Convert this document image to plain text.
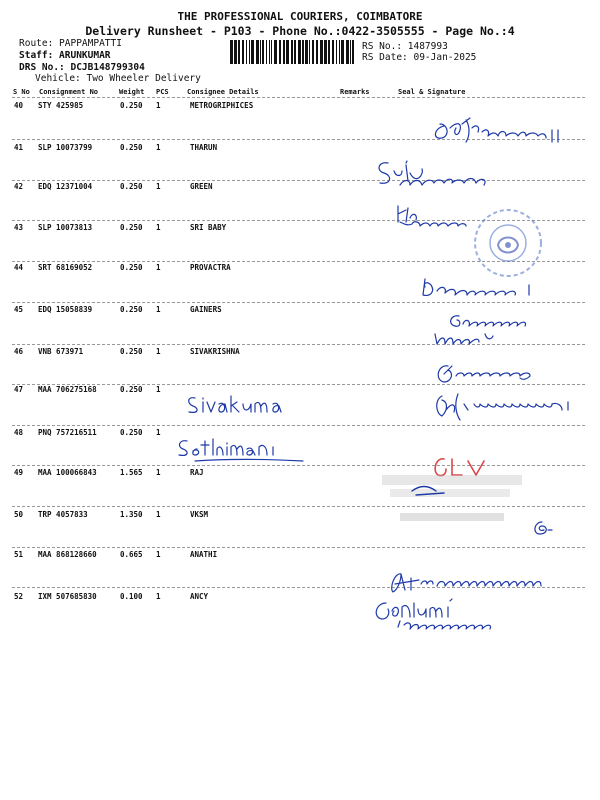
THE PROFESSIONAL COURIERS, COIMBATORE
Delivery Runsheet - P103 - Phone No.:0422-3505555 - Page No.:4
Route: PAPPAMPATTI
Staff: ARUNKUMAR
DRS No.: DCJB148799304
Vehicle: Two Wheeler Delivery
RS No.: 1487993
RS Date: 09-Jan-2025
S No Consignment No	Weight PCS	Consignee Details	Remarks	Seal & Signature
40 STY 425985	0.250 1	METROGRIPHICES
41 SLP 10073799	0.250 1	THARUN
42 EDQ 12371004	0.250 1	GREEN
43 SLP 10073813	0.250 1	SRI BABY
44 SRT 68169052	0.250 1	PROVACTRA
45 EDQ 15058839	0.250 1	GAINERS
46 VNB 673971	0.250 1	SIVAKRISHNA
47 MAA 706275168	0.250 1
48 PNQ 757216511	0.250 1
49 MAA 100066843	1.565 1	RAJ
50 TRP 4057833	1.350 1	VKSM
51 MAA 868128660	0.665 1	ANATHI
52 IXM 507685830	0.100 1	ANCY
